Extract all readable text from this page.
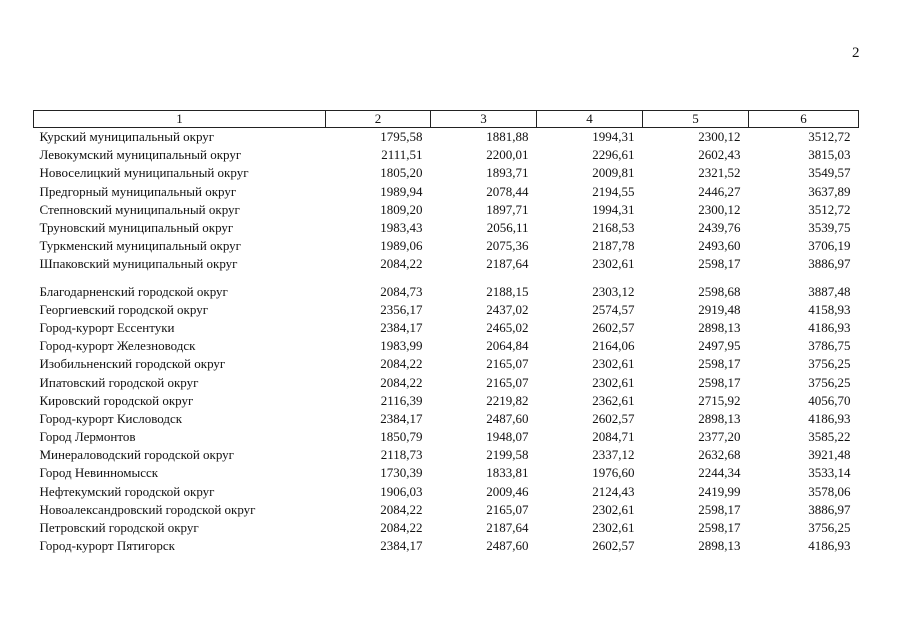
2
1	2	3	4	5	6
Курский муниципальный округ	1795,58	1881,88	1994,31	2300,12	3512,72
Левокумский муниципальный округ	2111,51	2200,01	2296,61	2602,43	3815,03
Новоселицкий муниципальный округ	1805,20	1893,71	2009,81	2321,52	3549,57
Предгорный муниципальный округ	1989,94	2078,44	2194,55	2446,27	3637,89
Степновский муниципальный округ	1809,20	1897,71	1994,31	2300,12	3512,72
Труновский муниципальный округ	1983,43	2056,11	2168,53	2439,76	3539,75
Туркменский муниципальный округ	1989,06	2075,36	2187,78	2493,60	3706,19
Шпаковский муниципальный округ	2084,22	2187,64	2302,61	2598,17	3886,97

Благодарненский городской округ	2084,73	2188,15	2303,12	2598,68	3887,48
Георгиевский городской округ	2356,17	2437,02	2574,57	2919,48	4158,93
Город-курорт Ессентуки	2384,17	2465,02	2602,57	2898,13	4186,93
Город-курорт Железноводск	1983,99	2064,84	2164,06	2497,95	3786,75
Изобильненский городской округ	2084,22	2165,07	2302,61	2598,17	3756,25
Ипатовский городской округ	2084,22	2165,07	2302,61	2598,17	3756,25
Кировский городской округ	2116,39	2219,82	2362,61	2715,92	4056,70
Город-курорт Кисловодск	2384,17	2487,60	2602,57	2898,13	4186,93
Город Лермонтов	1850,79	1948,07	2084,71	2377,20	3585,22
Минераловодский городской округ	2118,73	2199,58	2337,12	2632,68	3921,48
Город Невинномысск	1730,39	1833,81	1976,60	2244,34	3533,14
Нефтекумский городской округ	1906,03	2009,46	2124,43	2419,99	3578,06
Новоалександровский городской округ	2084,22	2165,07	2302,61	2598,17	3886,97
Петровский городской округ	2084,22	2187,64	2302,61	2598,17	3756,25
Город-курорт Пятигорск	2384,17	2487,60	2602,57	2898,13	4186,93
